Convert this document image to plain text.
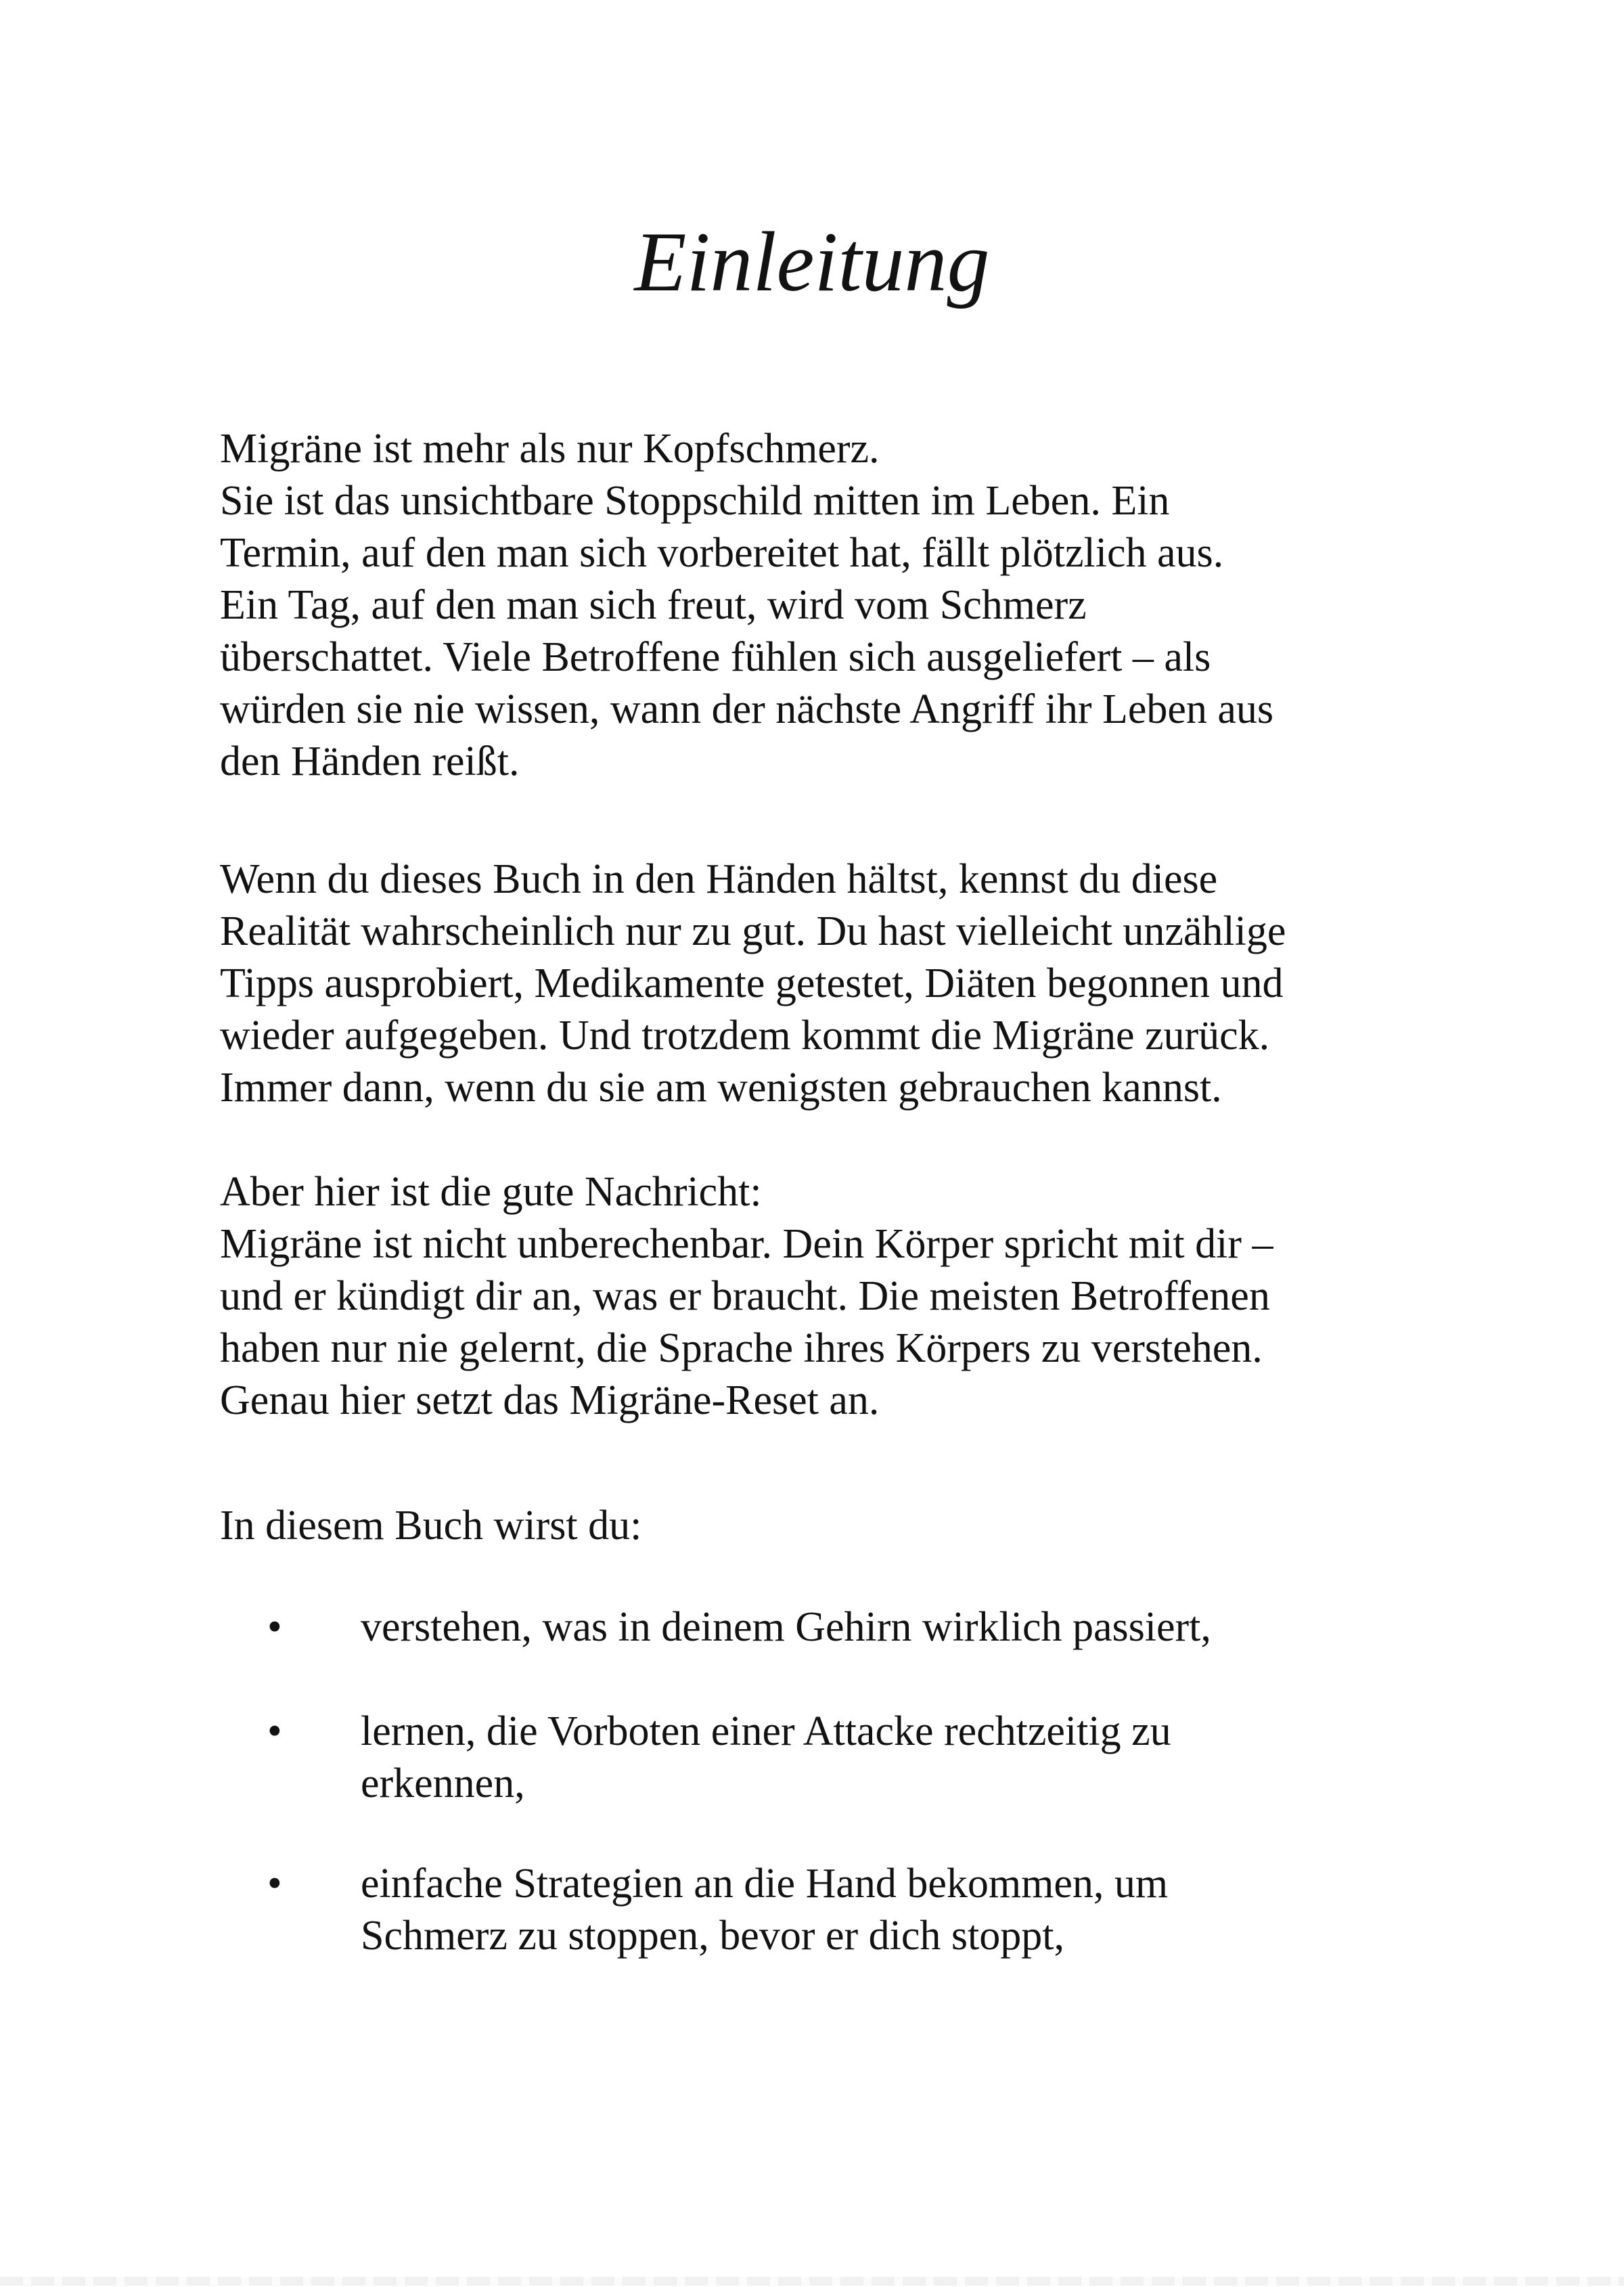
Einleitung
Migräne ist mehr als nur Kopfschmerz.
Sie ist das unsichtbare Stoppschild mitten im Leben. Ein
Termin, auf den man sich vorbereitet hat, fällt plötzlich aus.
Ein Tag, auf den man sich freut, wird vom Schmerz
überschattet. Viele Betroffene fühlen sich ausgeliefert – als
würden sie nie wissen, wann der nächste Angriff ihr Leben aus
den Händen reißt.
Wenn du dieses Buch in den Händen hältst, kennst du diese
Realität wahrscheinlich nur zu gut. Du hast vielleicht unzählige
Tipps ausprobiert, Medikamente getestet, Diäten begonnen und
wieder aufgegeben. Und trotzdem kommt die Migräne zurück.
Immer dann, wenn du sie am wenigsten gebrauchen kannst.
Aber hier ist die gute Nachricht:
Migräne ist nicht unberechenbar. Dein Körper spricht mit dir –
und er kündigt dir an, was er braucht. Die meisten Betroffenen
haben nur nie gelernt, die Sprache ihres Körpers zu verstehen.
Genau hier setzt das Migräne-Reset an.
In diesem Buch wirst du:
• verstehen, was in deinem Gehirn wirklich passiert,
• lernen, die Vorboten einer Attacke rechtzeitig zu
erkennen,
• einfache Strategien an die Hand bekommen, um
Schmerz zu stoppen, bevor er dich stoppt,
